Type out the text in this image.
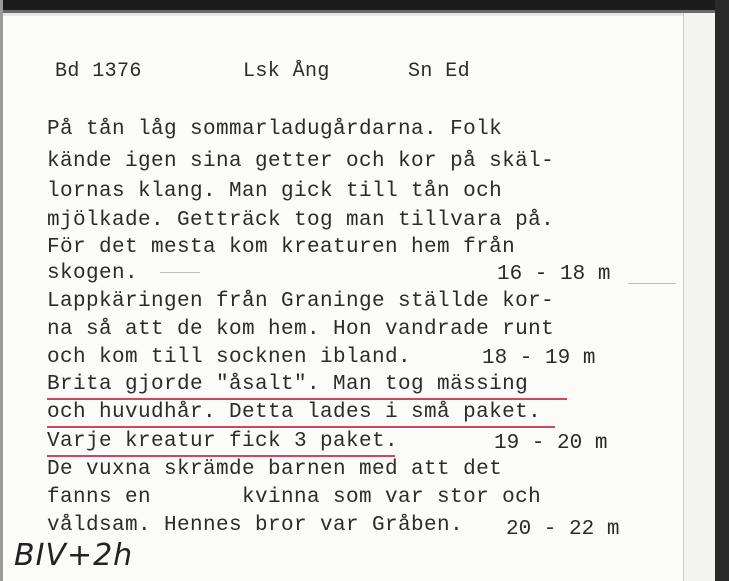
Bd 1376	Lsk Ång	Sn Ed
På tån låg sommarladugårdarna. Folk
kände igen sina getter och kor på skäl-
lornas klang. Man gick till tån och
mjölkade. Getträck tog man tillvara på.
För det mesta kom kreaturen hem från
skogen.	16 - 18 m
Lappkäringen från Graninge ställde kor-
na så att de kom hem. Hon vandrade runt
och kom till socknen ibland.	18 - 19 m
Brita gjorde "åsalt". Man tog mässing
och huvudhår. Detta lades i små paket.
Varje kreatur fick 3 paket.	19 - 20 m
De vuxna skrämde barnen med att det
fanns en       kvinna som var stor och
våldsam. Hennes bror var Gråben. 20 - 22 m
BIV+2h
